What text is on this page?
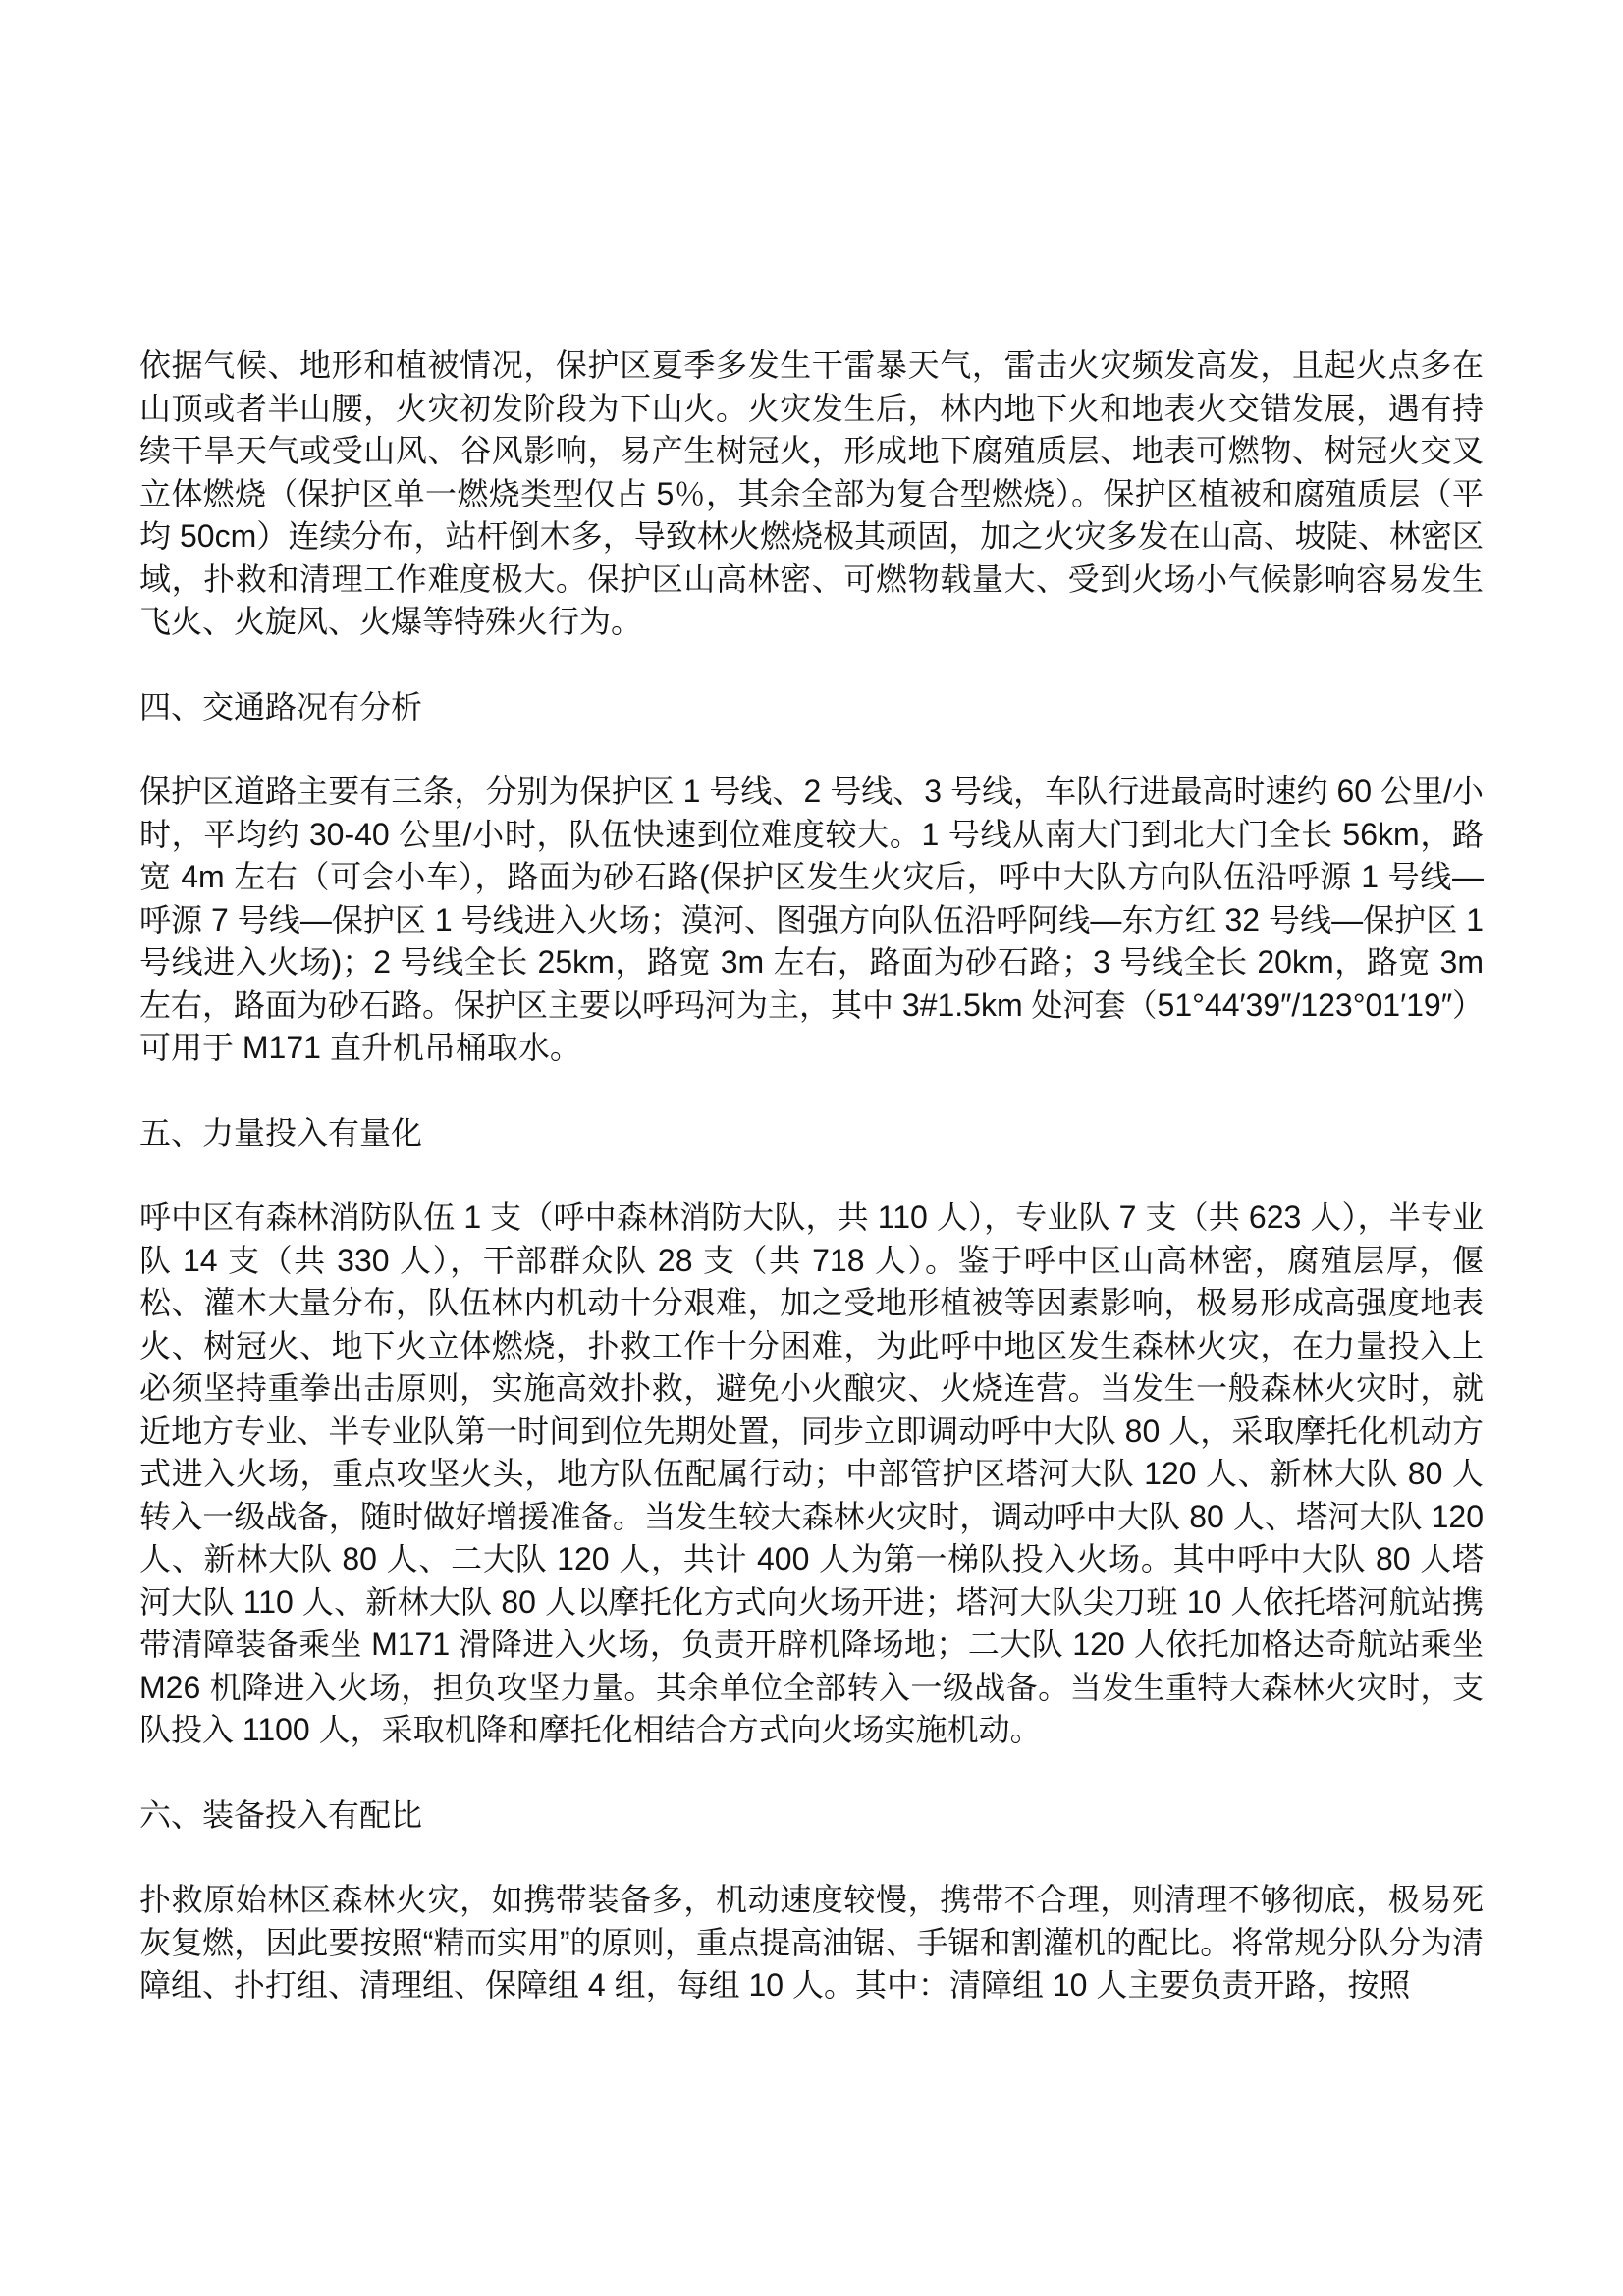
依据气候、地形和植被情况，保护区夏季多发生干雷暴天气，雷击火灾频发高发，且起火点多在山顶或者半山腰，火灾初发阶段为下山火。火灾发生后，林内地下火和地表火交错发展，遇有持续干旱天气或受山风、谷风影响，易产生树冠火，形成地下腐殖质层、地表可燃物、树冠火交叉立体燃烧（保护区单一燃烧类型仅占 5％，其余全部为复合型燃烧）。保护区植被和腐殖质层（平均 50cm）连续分布，站杆倒木多，导致林火燃烧极其顽固，加之火灾多发在山高、坡陡、林密区域，扑救和清理工作难度极大。保护区山高林密、可燃物载量大、受到火场小气候影响容易发生飞火、火旋风、火爆等特殊火行为。

四、交通路况有分析

保护区道路主要有三条，分别为保护区 1 号线、2 号线、3 号线，车队行进最高时速约 60 公里/小时，平均约 30-40 公里/小时，队伍快速到位难度较大。1 号线从南大门到北大门全长 56km，路宽 4m 左右（可会小车），路面为砂石路(保护区发生火灾后，呼中大队方向队伍沿呼源 1 号线—呼源 7 号线—保护区 1 号线进入火场；漠河、图强方向队伍沿呼阿线—东方红 32 号线—保护区 1 号线进入火场)；2 号线全长 25km，路宽 3m 左右，路面为砂石路；3 号线全长 20km，路宽 3m 左右，路面为砂石路。保护区主要以呼玛河为主，其中 3#1.5km 处河套（51°44′39″/123°01′19″）可用于 M171 直升机吊桶取水。

五、力量投入有量化

呼中区有森林消防队伍 1 支（呼中森林消防大队，共 110 人），专业队 7 支（共 623 人），半专业队 14 支（共 330 人），干部群众队 28 支（共 718 人）。鉴于呼中区山高林密，腐殖层厚，偃松、灌木大量分布，队伍林内机动十分艰难，加之受地形植被等因素影响，极易形成高强度地表火、树冠火、地下火立体燃烧，扑救工作十分困难，为此呼中地区发生森林火灾，在力量投入上必须坚持重拳出击原则，实施高效扑救，避免小火酿灾、火烧连营。当发生一般森林火灾时，就近地方专业、半专业队第一时间到位先期处置，同步立即调动呼中大队 80 人，采取摩托化机动方式进入火场，重点攻坚火头，地方队伍配属行动；中部管护区塔河大队 120 人、新林大队 80 人转入一级战备，随时做好增援准备。当发生较大森林火灾时，调动呼中大队 80 人、塔河大队 120 人、新林大队 80 人、二大队 120 人，共计 400 人为第一梯队投入火场。其中呼中大队 80 人塔河大队 110 人、新林大队 80 人以摩托化方式向火场开进；塔河大队尖刀班 10 人依托塔河航站携带清障装备乘坐 M171 滑降进入火场，负责开辟机降场地；二大队 120 人依托加格达奇航站乘坐 M26 机降进入火场，担负攻坚力量。其余单位全部转入一级战备。当发生重特大森林火灾时，支队投入 1100 人，采取机降和摩托化相结合方式向火场实施机动。

六、装备投入有配比

扑救原始林区森林火灾，如携带装备多，机动速度较慢，携带不合理，则清理不够彻底，极易死灰复燃，因此要按照“精而实用”的原则，重点提高油锯、手锯和割灌机的配比。将常规分队分为清障组、扑打组、清理组、保障组 4 组，每组 10 人。其中：清障组 10 人主要负责开路，按照
